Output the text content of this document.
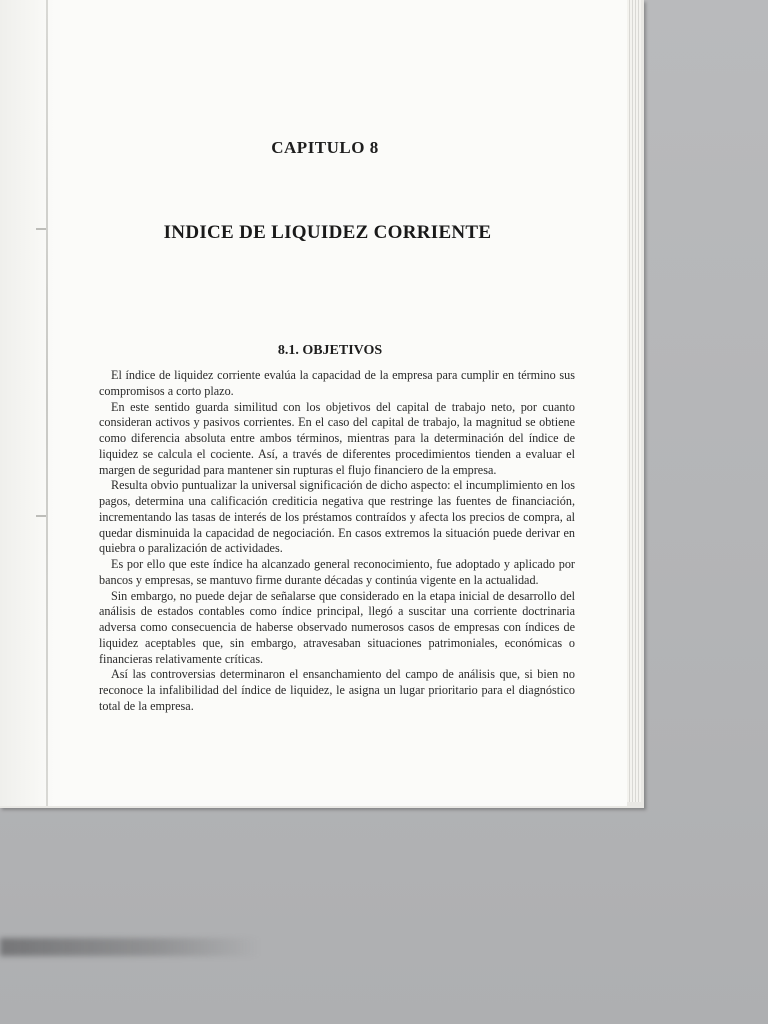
CAPITULO 8
INDICE DE LIQUIDEZ CORRIENTE
8.1. OBJETIVOS

El índice de liquidez corriente evalúa la capacidad de la empresa para cumplir en término sus compromisos a corto plazo.

En este sentido guarda similitud con los objetivos del capital de trabajo neto, por cuanto consideran activos y pasivos corrientes. En el caso del capital de trabajo, la magnitud se obtiene como diferencia absoluta entre ambos términos, mientras para la determinación del índice de liquidez se calcula el cociente. Así, a través de diferentes procedimientos tienden a evaluar el margen de seguridad para mantener sin rupturas el flujo financiero de la empresa.

Resulta obvio puntualizar la universal significación de dicho aspecto: el incumplimiento en los pagos, determina una calificación crediticia negativa que restringe las fuentes de financiación, incrementando las tasas de interés de los préstamos contraídos y afecta los precios de compra, al quedar disminuida la capacidad de negociación. En casos extremos la situación puede derivar en quiebra o paralización de actividades.

Es por ello que este índice ha alcanzado general reconocimiento, fue adoptado y aplicado por bancos y empresas, se mantuvo firme durante décadas y continúa vigente en la actualidad.

Sin embargo, no puede dejar de señalarse que considerado en la etapa inicial de desarrollo del análisis de estados contables como índice principal, llegó a suscitar una corriente doctrinaria adversa como consecuencia de haberse observado numerosos casos de empresas con índices de liquidez aceptables que, sin embargo, atravesaban situaciones patrimoniales, económicas o financieras relativamente críticas.

Así las controversias determinaron el ensanchamiento del campo de análisis que, si bien no reconoce la infalibilidad del índice de liquidez, le asigna un lugar prioritario para el diagnóstico total de la empresa.
